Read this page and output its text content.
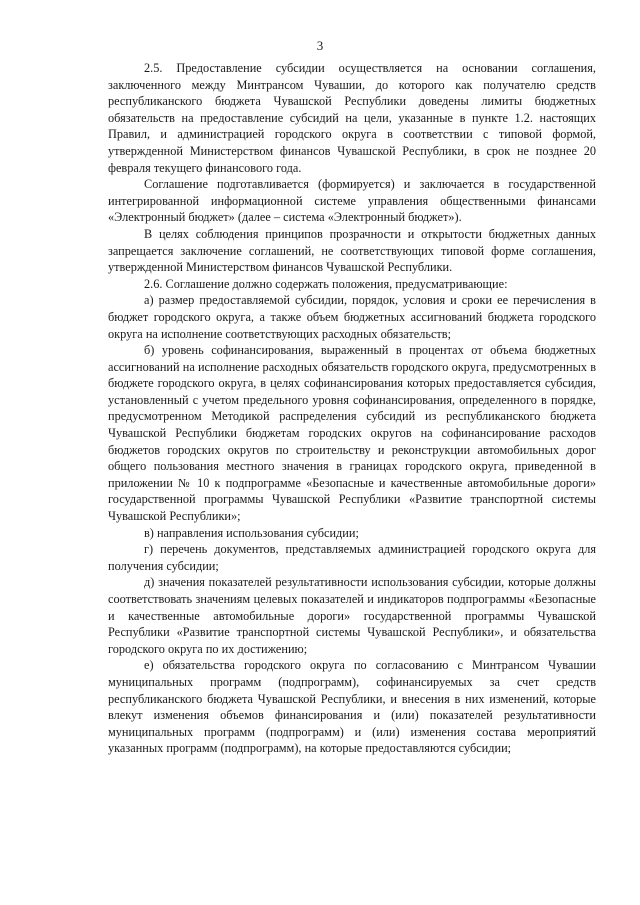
3

2.5. Предоставление субсидии осуществляется на основании соглашения, заключенного между Минтрансом Чувашии, до которого как получателю средств республиканского бюджета Чувашской Республики доведены лимиты бюджетных обязательств на предоставление субсидий на цели, указанные в пункте 1.2. настоящих Правил, и администрацией городского округа в соответствии с типовой формой, утвержденной Министерством финансов Чувашской Республики, в срок не позднее 20 февраля текущего финансового года.

Соглашение подготавливается (формируется) и заключается в государственной интегрированной информационной системе управления общественными финансами «Электронный бюджет» (далее – система «Электронный бюджет»).

В целях соблюдения принципов прозрачности и открытости бюджетных данных запрещается заключение соглашений, не соответствующих типовой форме соглашения, утвержденной Министерством финансов Чувашской Республики.

2.6. Соглашение должно содержать положения, предусматривающие:

а) размер предоставляемой субсидии, порядок, условия и сроки ее перечисления в бюджет городского округа, а также объем бюджетных ассигнований бюджета городского округа на исполнение соответствующих расходных обязательств;

б) уровень софинансирования, выраженный в процентах от объема бюджетных ассигнований на исполнение расходных обязательств городского округа, предусмотренных в бюджете городского округа, в целях софинансирования которых предоставляется субсидия, установленный с учетом предельного уровня софинансирования, определенного в порядке, предусмотренном Методикой распределения субсидий из республиканского бюджета Чувашской Республики бюджетам городских округов на софинансирование расходов бюджетов городских округов по строительству и реконструкции автомобильных дорог общего пользования местного значения в границах городского округа, приведенной в приложении № 10 к подпрограмме «Безопасные и качественные автомобильные дороги» государственной программы Чувашской Республики «Развитие транспортной системы Чувашской Республики»;

в) направления использования субсидии;

г) перечень документов, представляемых администрацией городского округа для получения субсидии;

д) значения показателей результативности использования субсидии, которые должны соответствовать значениям целевых показателей и индикаторов подпрограммы «Безопасные и качественные автомобильные дороги» государственной программы Чувашской Республики «Развитие транспортной системы Чувашской Республики», и обязательства городского округа по их достижению;

е) обязательства городского округа по согласованию с Минтрансом Чувашии муниципальных программ (подпрограмм), софинансируемых за счет средств республиканского бюджета Чувашской Республики, и внесения в них изменений, которые влекут изменения объемов финансирования и (или) показателей результативности муниципальных программ (подпрограмм) и (или) изменения состава мероприятий указанных программ (подпрограмм), на которые предоставляются субсидии;
